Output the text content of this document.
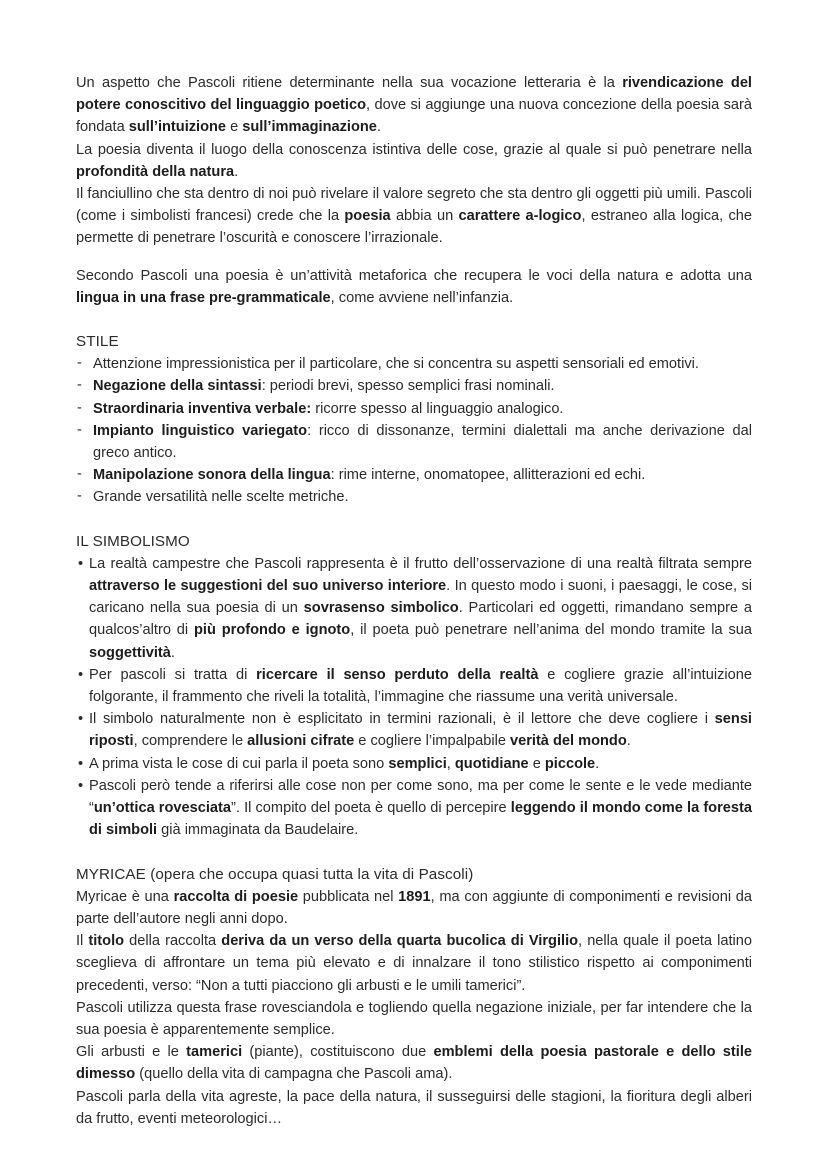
Un aspetto che Pascoli ritiene determinante nella sua vocazione letteraria è la rivendicazione del potere conoscitivo del linguaggio poetico, dove si aggiunge una nuova concezione della poesia sarà fondata sull’intuizione e sull’immaginazione.

La poesia diventa il luogo della conoscenza istintiva delle cose, grazie al quale si può penetrare nella profondità della natura.

Il fanciullino che sta dentro di noi può rivelare il valore segreto che sta dentro gli oggetti più umili. Pascoli (come i simbolisti francesi) crede che la poesia abbia un carattere a-logico, estraneo alla logica, che permette di penetrare l’oscurità e conoscere l’irrazionale.

Secondo Pascoli una poesia è un’attività metaforica che recupera le voci della natura e adotta una lingua in una frase pre-grammaticale, come avviene nell’infanzia.

STILE
- Attenzione impressionistica per il particolare, che si concentra su aspetti sensoriali ed emotivi.
- Negazione della sintassi: periodi brevi, spesso semplici frasi nominali.
- Straordinaria inventiva verbale: ricorre spesso al linguaggio analogico.
- Impianto linguistico variegato: ricco di dissonanze, termini dialettali ma anche derivazione dal greco antico.
- Manipolazione sonora della lingua: rime interne, onomatopee, allitterazioni ed echi.
- Grande versatilità nelle scelte metriche.
IL SIMBOLISMO
• La realtà campestre che Pascoli rappresenta è il frutto dell’osservazione di una realtà filtrata sempre attraverso le suggestioni del suo universo interiore. In questo modo i suoni, i paesaggi, le cose, si caricano nella sua poesia di un sovrasenso simbolico. Particolari ed oggetti, rimandano sempre a qualcos’altro di più profondo e ignoto, il poeta può penetrare nell’anima del mondo tramite la sua soggettività.
• Per pascoli si tratta di ricercare il senso perduto della realtà e cogliere grazie all’intuizione folgorante, il frammento che riveli la totalità, l’immagine che riassume una verità universale.
• Il simbolo naturalmente non è esplicitato in termini razionali, è il lettore che deve cogliere i sensi riposti, comprendere le allusioni cifrate e cogliere l’impalpabile verità del mondo.
• A prima vista le cose di cui parla il poeta sono semplici, quotidiane e piccole.
• Pascoli però tende a riferirsi alle cose non per come sono, ma per come le sente e le vede mediante “un’ottica rovesciata”. Il compito del poeta è quello di percepire leggendo il mondo come la foresta di simboli già immaginata da Baudelaire.
MYRICAE (opera che occupa quasi tutta la vita di Pascoli)

Myricae è una raccolta di poesie pubblicata nel 1891, ma con aggiunte di componimenti e revisioni da parte dell’autore negli anni dopo.

Il titolo della raccolta deriva da un verso della quarta bucolica di Virgilio, nella quale il poeta latino sceglieva di affrontare un tema più elevato e di innalzare il tono stilistico rispetto ai componimenti precedenti, verso: “Non a tutti piacciono gli arbusti e le umili tamerici”.

Pascoli utilizza questa frase rovesciandola e togliendo quella negazione iniziale, per far intendere che la sua poesia è apparentemente semplice.

Gli arbusti e le tamerici (piante), costituiscono due emblemi della poesia pastorale e dello stile dimesso (quello della vita di campagna che Pascoli ama).

Pascoli parla della vita agreste, la pace della natura, il susseguirsi delle stagioni, la fioritura degli alberi da frutto, eventi meteorologici…
